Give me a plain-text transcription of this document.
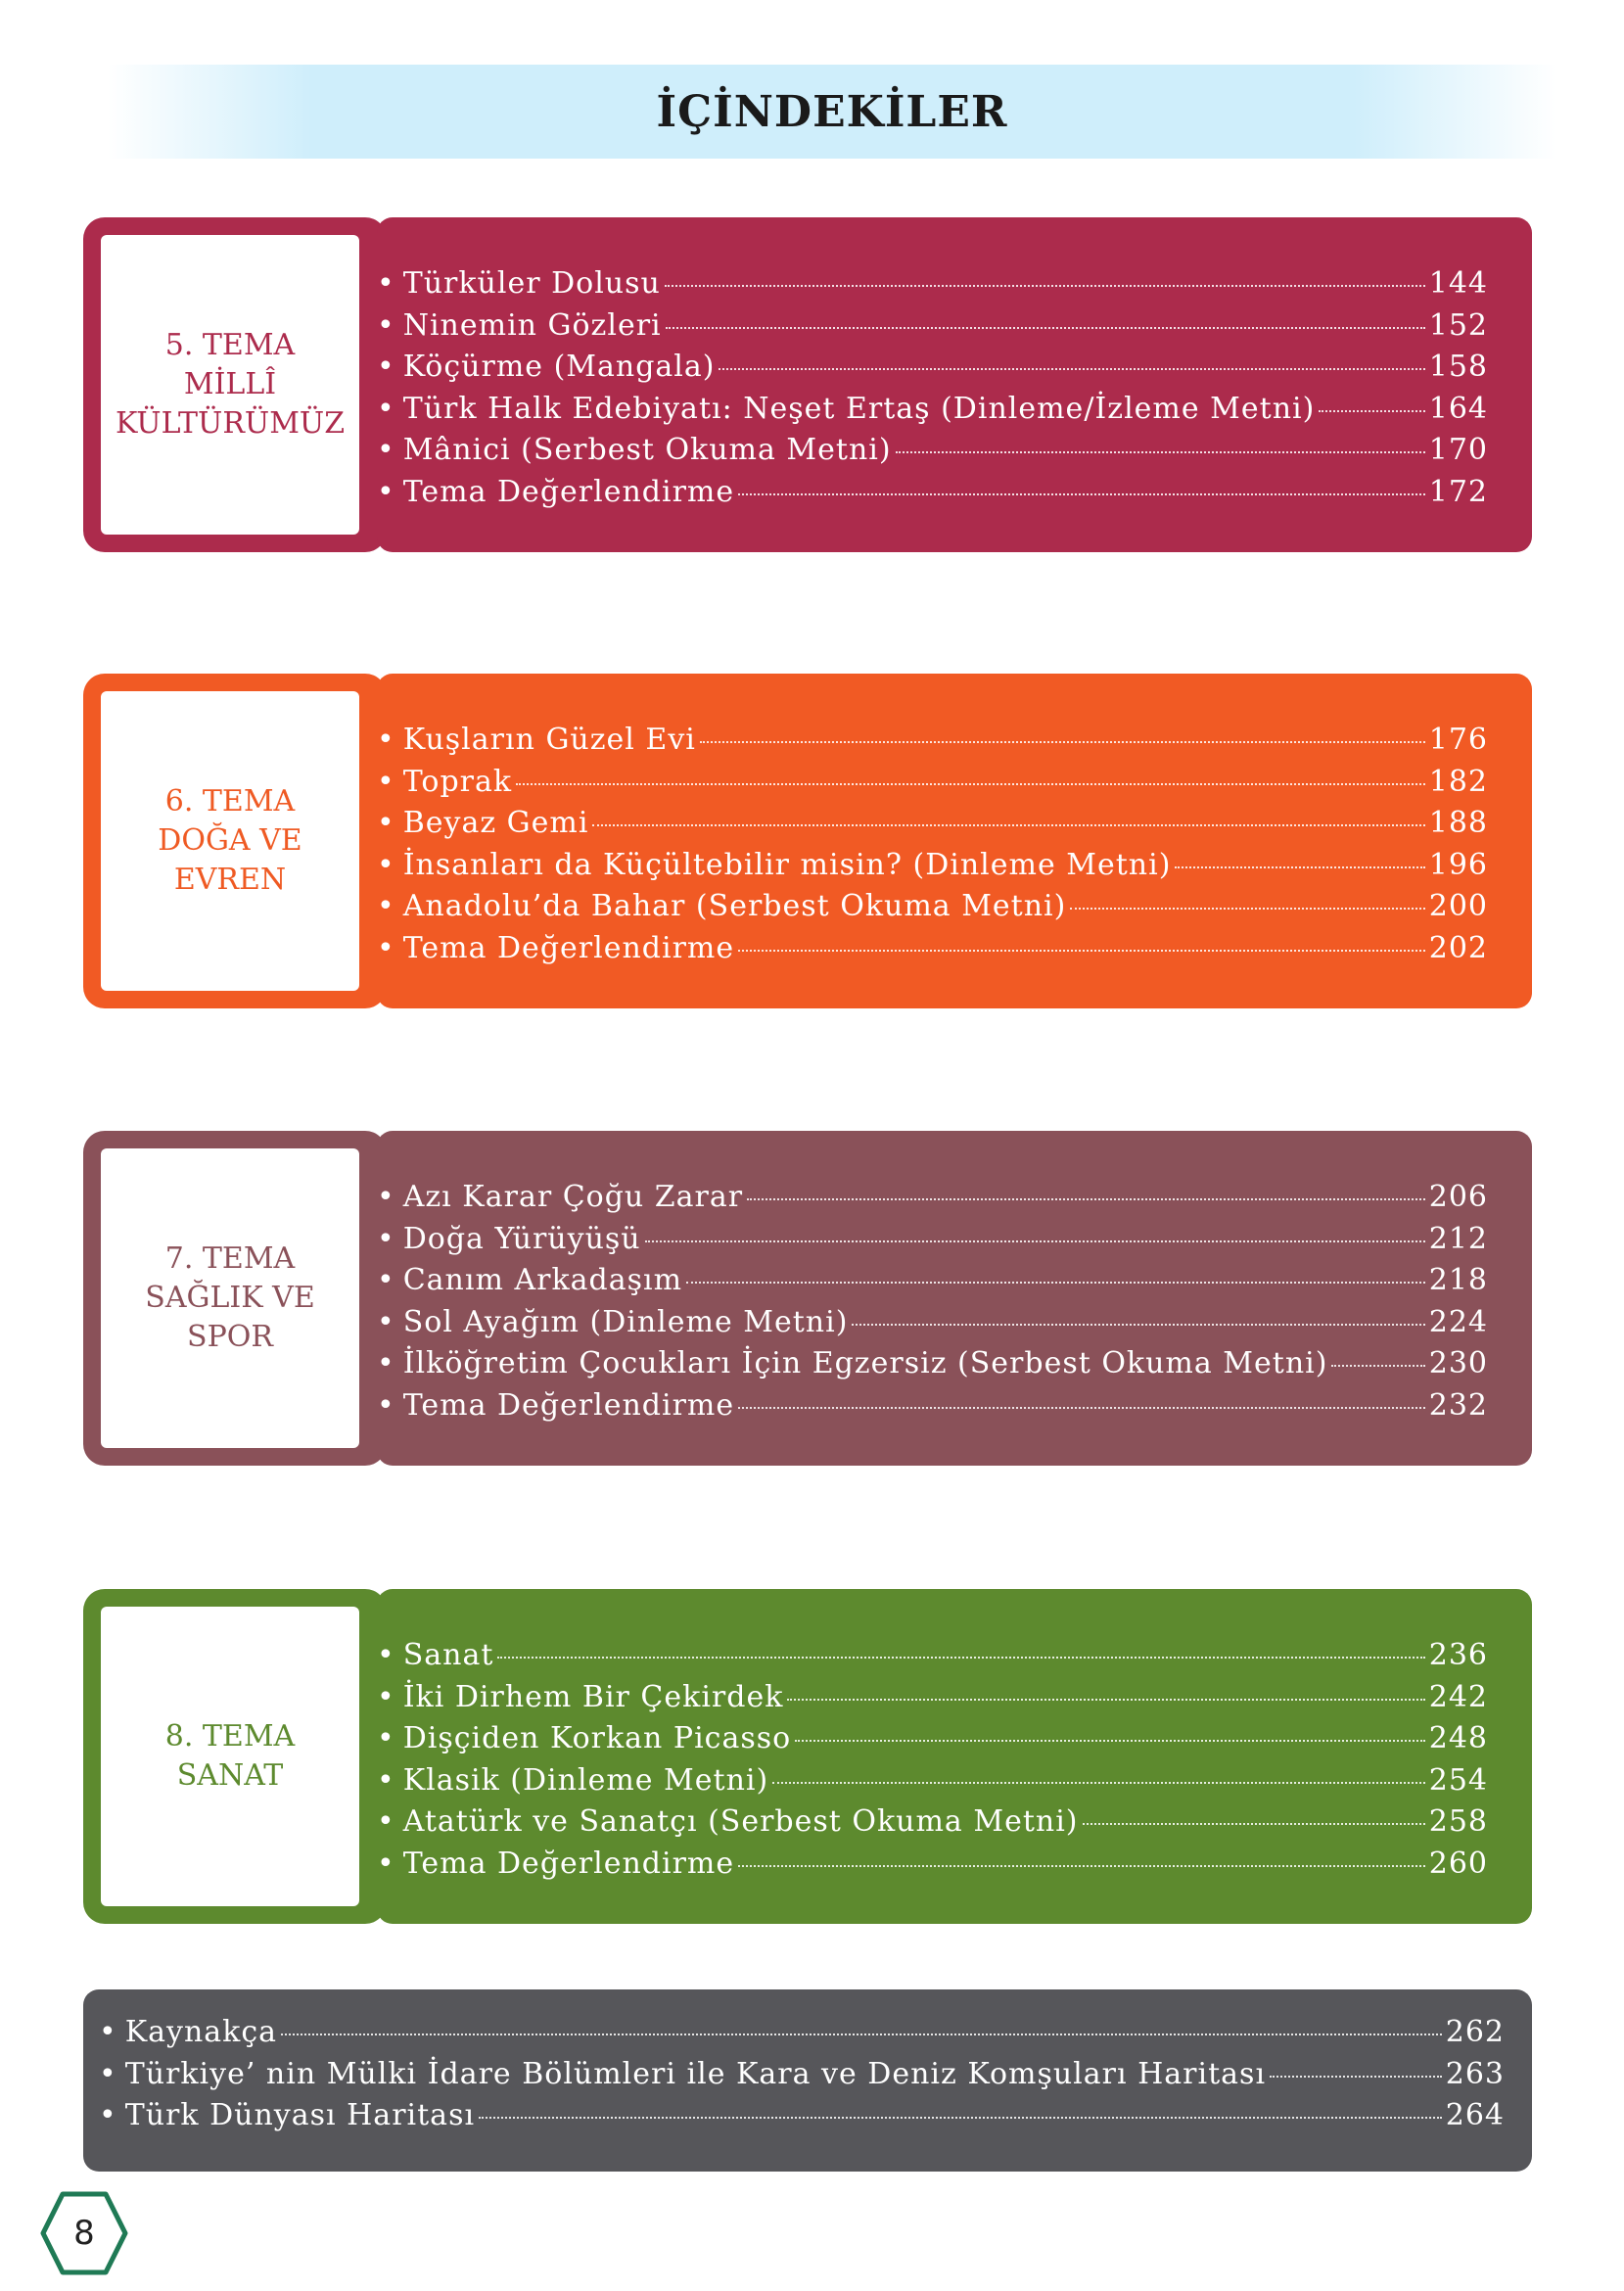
İÇİNDEKİLER
5. TEMA
MİLLÎ
KÜLTÜRÜMÜZ
• Türküler Dolusu	144
• Ninemin Gözleri	152
• Köçürme (Mangala)	158
• Türk Halk Edebiyatı: Neşet Ertaş (Dinleme/İzleme Metni)	164
• Mânici (Serbest Okuma Metni)	170
• Tema Değerlendirme	172
6. TEMA
DOĞA VE EVREN
• Kuşların Güzel Evi	176
• Toprak	182
• Beyaz Gemi	188
• İnsanları da Küçültebilir misin? (Dinleme Metni)	196
• Anadolu’da Bahar (Serbest Okuma Metni)	200
• Tema Değerlendirme	202
7. TEMA
SAĞLIK VE SPOR
• Azı Karar Çoğu Zarar	206
• Doğa Yürüyüşü	212
• Canım Arkadaşım	218
• Sol Ayağım (Dinleme Metni)	224
• İlköğretim Çocukları İçin Egzersiz (Serbest Okuma Metni)	230
• Tema Değerlendirme	232
8. TEMA
SANAT
• Sanat	236
• İki Dirhem Bir Çekirdek	242
• Dişçiden Korkan Picasso	248
• Klasik (Dinleme Metni)	254
• Atatürk ve Sanatçı (Serbest Okuma Metni)	258
• Tema Değerlendirme	260
• Kaynakça	262
• Türkiye’ nin Mülki İdare Bölümleri ile Kara ve Deniz Komşuları Haritası	263
• Türk Dünyası Haritası	264
8
